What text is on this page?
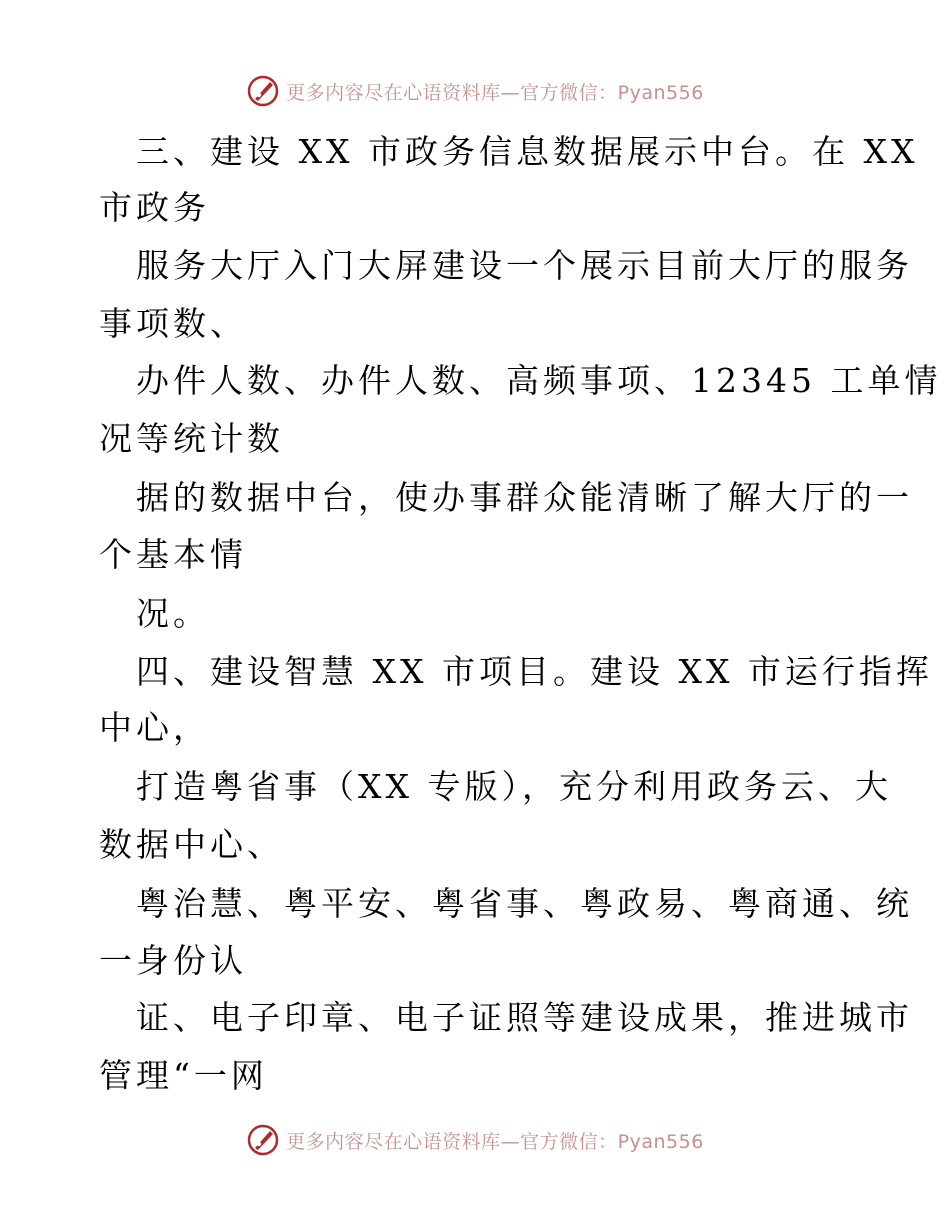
更多内容尽在心语资料库—官方微信：Pyan556
三、建设 XX 市政务信息数据展示中台。在 XX
市政务
服务大厅入门大屏建设一个展示目前大厅的服务
事项数、
办件人数、办件人数、高频事项、12345 工单情
况等统计数
据的数据中台，使办事群众能清晰了解大厅的一
个基本情
况。
四、建设智慧 XX 市项目。建设 XX 市运行指挥
中心，
打造粤省事（XX 专版），充分利用政务云、大
数据中心、
粤治慧、粤平安、粤省事、粤政易、粤商通、统
一身份认
证、电子印章、电子证照等建设成果，推进城市
管理“一网
更多内容尽在心语资料库—官方微信：Pyan556
